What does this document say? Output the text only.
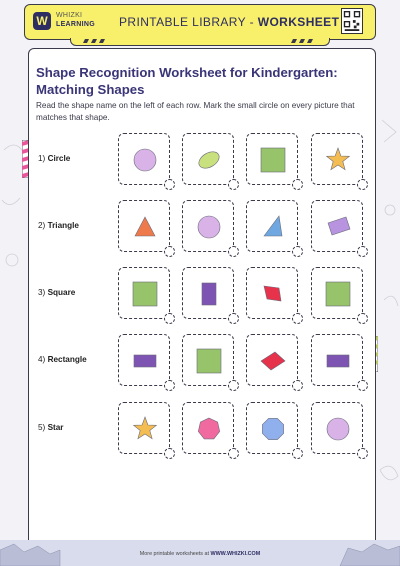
W	WHIZKI
LEARNING PRINTABLE LIBRARY - WORKSHEET
Shape Recognition Worksheet for Kindergarten: Matching Shapes
Read the shape name on the left of each row. Mark the small circle on every picture that matches that shape.
1) Circle
2) Triangle
3) Square
4) Rectangle
5) Star
More printable worksheets at WWW.WHIZKI.COM
